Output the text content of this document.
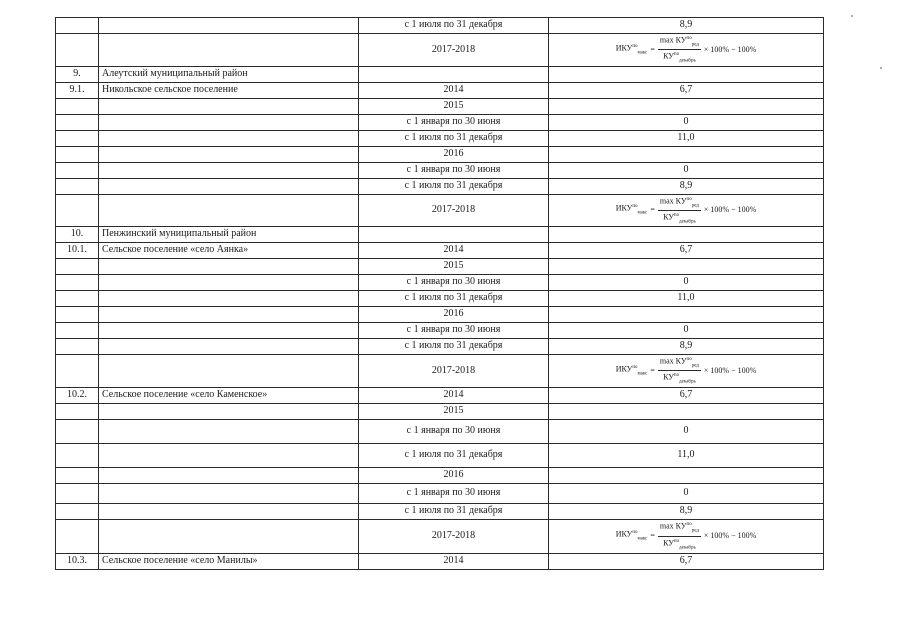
		с 1 июля по 31 декабря	8,9
		2017-2018	$ИКУ^{по}_{макс} = \frac{\max КУ^{по}_{ред}}{КУ^{по}_{декабрь}} \times 100\% - 100\%$

9.	Алеутский муниципальный район		
9.1.	Никольское сельское поселение	2014	6,7
		2015	
		с 1 января по 30 июня	0
		с 1 июля по 31 декабря	11,0
		2016	
		с 1 января по 30 июня	0
		с 1 июля по 31 декабря	8,9
		2017-2018	$ИКУ^{по}_{макс} = \frac{\max КУ^{по}_{ред}}{КУ^{по}_{декабрь}} \times 100\% - 100\%$

10.	Пенжинский муниципальный район		
10.1.	Сельское поселение «село Аянка»	2014	6,7
		2015	
		с 1 января по 30 июня	0
		с 1 июля по 31 декабря	11,0
		2016	
		с 1 января по 30 июня	0
		с 1 июля по 31 декабря	8,9
		2017-2018	$ИКУ^{по}_{макс} = \frac{\max КУ^{по}_{ред}}{КУ^{по}_{декабрь}} \times 100\% - 100\%$

10.2.	Сельское поселение «село Каменское»	2014	6,7
		2015	
		с 1 января по 30 июня	0
		с 1 июля по 31 декабря	11,0
		2016	
		с 1 января по 30 июня	0
		с 1 июля по 31 декабря	8,9
		2017-2018	$ИКУ^{по}_{макс} = \frac{\max КУ^{по}_{ред}}{КУ^{по}_{декабрь}} \times 100\% - 100\%$

10.3.	Сельское поселение «село Манилы»	2014	6,7
